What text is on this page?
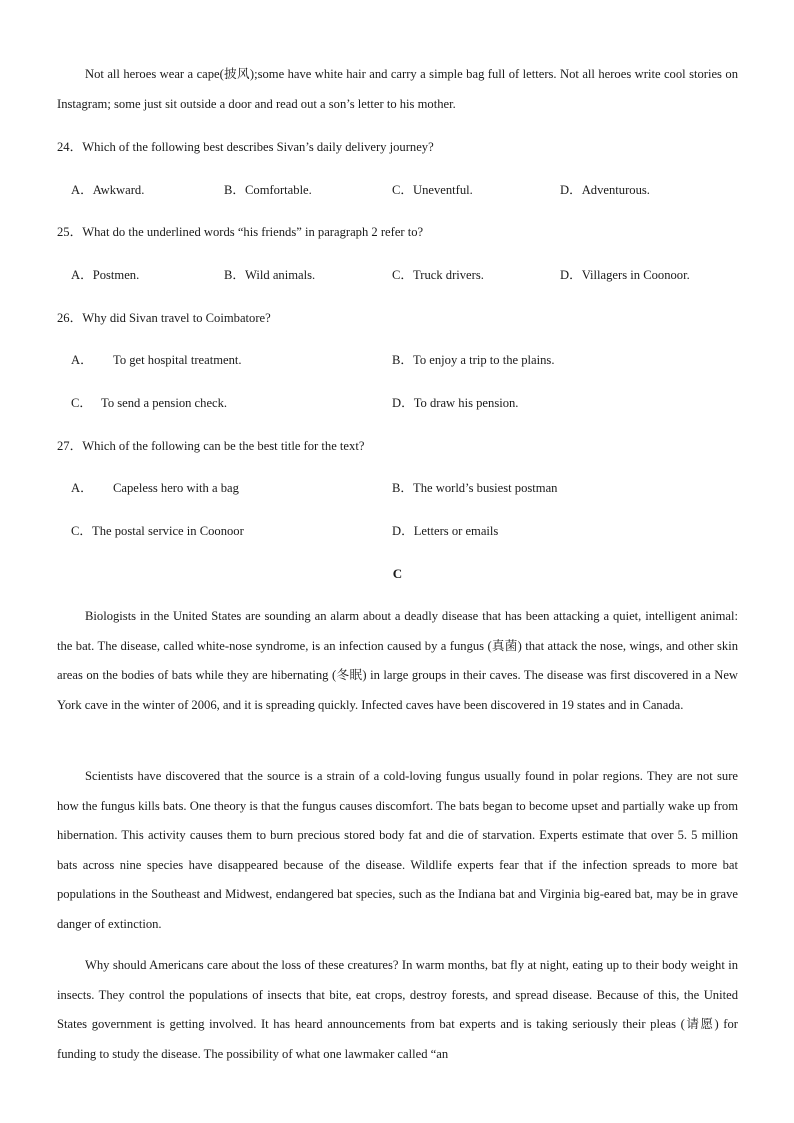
Not all heroes wear a cape(披风);some have white hair and carry a simple bag full of letters. Not all heroes write cool stories on Instagram; some just sit outside a door and read out a son’s letter to his mother.

24．Which of the following best describes Sivan’s daily delivery journey?
A．Awkward.	B．Comfortable.	C．Uneventful.	D．Adventurous.
25．What do the underlined words “his friends” in paragraph 2 refer to?
A．Postmen.	B．Wild animals.	C．Truck drivers.	D．Villagers in Coonoor.
26．Why did Sivan travel to Coimbatore?
A． To get hospital treatment.	B．To enjoy a trip to the plains.
C． To send a pension check.	D．To draw his pension.
27．Which of the following can be the best title for the text?
A． Capeless hero with a bag	B．The world’s busiest postman
C．The postal service in Coonoor	D．Letters or emails
C

Biologists in the United States are sounding an alarm about a deadly disease that has been attacking a quiet, intelligent animal: the bat. The disease, called white-nose syndrome, is an infection caused by a fungus (真菌) that attack the nose, wings, and other skin areas on the bodies of bats while they are hibernating (冬眠) in large groups in their caves. The disease was first discovered in a New York cave in the winter of 2006, and it is spreading quickly. Infected caves have been discovered in 19 states and in Canada.

Scientists have discovered that the source is a strain of a cold-loving fungus usually found in polar regions. They are not sure how the fungus kills bats. One theory is that the fungus causes discomfort. The bats began to become upset and partially wake up from hibernation. This activity causes them to burn precious stored body fat and die of starvation. Experts estimate that over 5. 5 million bats across nine species have disappeared because of the disease. Wildlife experts fear that if the infection spreads to more bat populations in the Southeast and Midwest, endangered bat species, such as the Indiana bat and Virginia big-eared bat, may be in grave danger of extinction.

Why should Americans care about the loss of these creatures? In warm months, bat fly at night, eating up to their body weight in insects. They control the populations of insects that bite, eat crops, destroy forests, and spread disease. Because of this, the United States government is getting involved. It has heard announcements from bat experts and is taking seriously their pleas (请愿) for funding to study the disease. The possibility of what one lawmaker called “an
